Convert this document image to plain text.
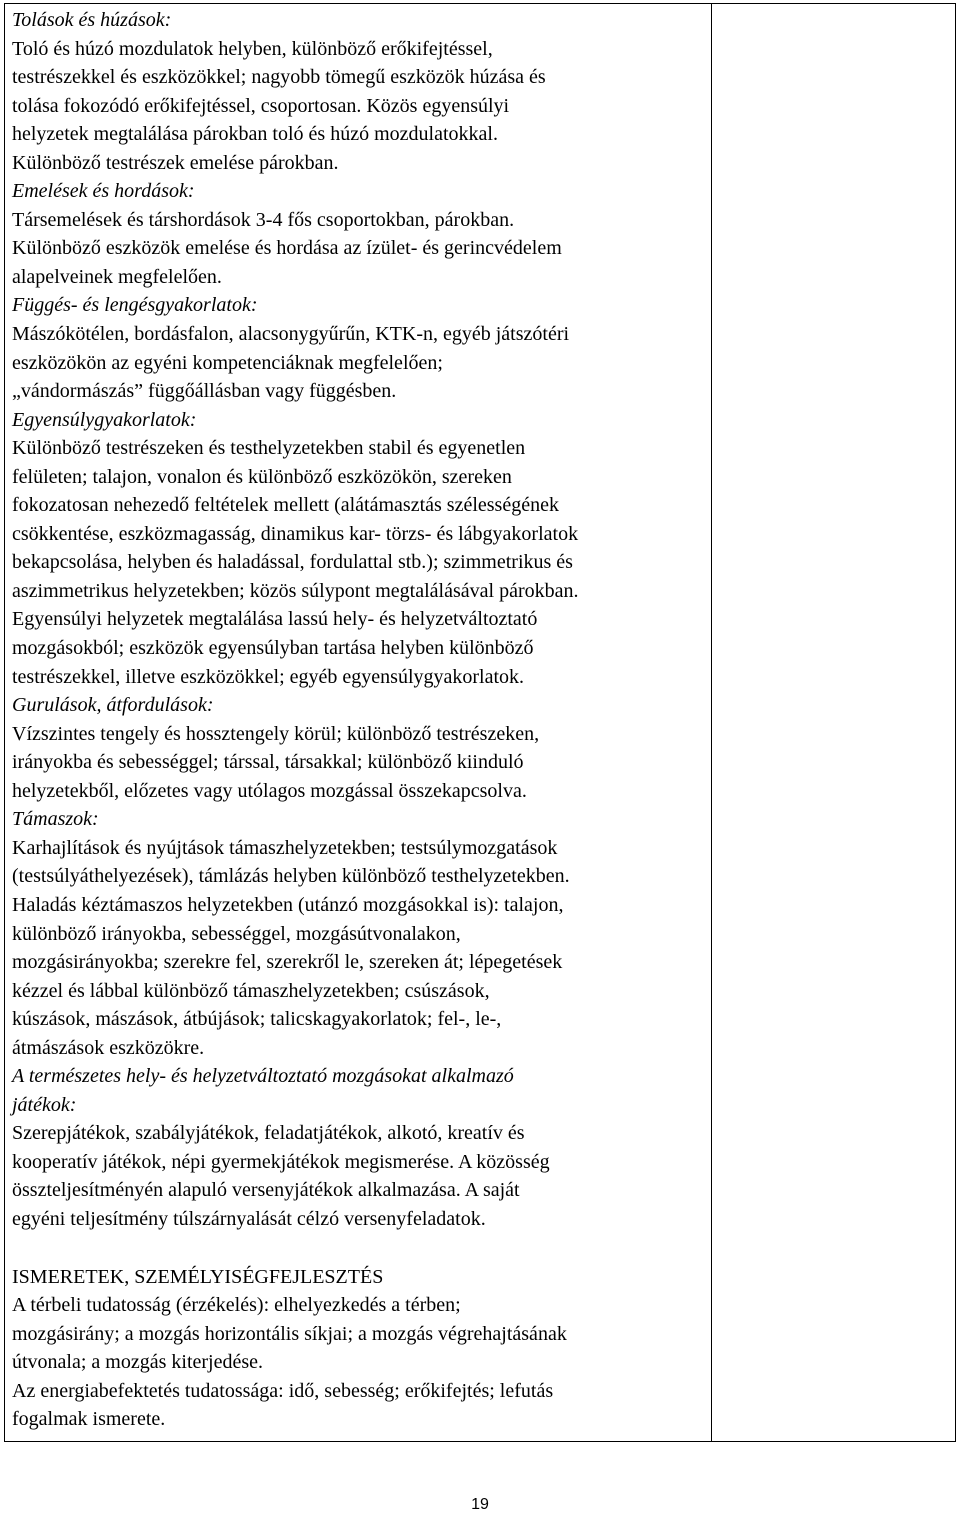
Tolások és húzások:
Toló és húzó mozdulatok helyben, különböző erőkifejtéssel,
testrészekkel és eszközökkel; nagyobb tömegű eszközök húzása és
tolása fokozódó erőkifejtéssel, csoportosan. Közös egyensúlyi
helyzetek megtalálása párokban toló és húzó mozdulatokkal.
Különböző testrészek emelése párokban.
Emelések és hordások:
Társemelések és társhordások 3-4 fős csoportokban, párokban.
Különböző eszközök emelése és hordása az ízület- és gerincvédelem
alapelveinek megfelelően.
Függés- és lengésgyakorlatok:
Mászókötélen, bordásfalon, alacsonygyűrűn, KTK-n, egyéb játszótéri
eszközökön az egyéni kompetenciáknak megfelelően;
„vándormászás” függőállásban vagy függésben.
Egyensúlygyakorlatok:
Különböző testrészeken és testhelyzetekben stabil és egyenetlen
felületen; talajon, vonalon és különböző eszközökön, szereken
fokozatosan nehezedő feltételek mellett (alátámasztás szélességének
csökkentése, eszközmagasság, dinamikus kar- törzs- és lábgyakorlatok
bekapcsolása, helyben és haladással, fordulattal stb.); szimmetrikus és
aszimmetrikus helyzetekben; közös súlypont megtalálásával párokban.
Egyensúlyi helyzetek megtalálása lassú hely- és helyzetváltoztató
mozgásokból; eszközök egyensúlyban tartása helyben különböző
testrészekkel, illetve eszközökkel; egyéb egyensúlygyakorlatok.
Gurulások, átfordulások:
Vízszintes tengely és hossztengely körül; különböző testrészeken,
irányokba és sebességgel; társsal, társakkal; különböző kiinduló
helyzetekből, előzetes vagy utólagos mozgással összekapcsolva.
Támaszok:
Karhajlítások és nyújtások támaszhelyzetekben; testsúlymozgatások
(testsúlyáthelyezések), támlázás helyben különböző testhelyzetekben.
Haladás kéztámaszos helyzetekben (utánzó mozgásokkal is): talajon,
különböző irányokba, sebességgel, mozgásútvonalakon,
mozgásirányokba; szerekre fel, szerekről le, szereken át; lépegetések
kézzel és lábbal különböző támaszhelyzetekben; csúszások,
kúszások, mászások, átbújások; talicskagyakorlatok; fel-, le-,
átmászások eszközökre.
A természetes hely- és helyzetváltoztató mozgásokat alkalmazó
játékok:
Szerepjátékok, szabályjátékok, feladatjátékok, alkotó, kreatív és
kooperatív játékok, népi gyermekjátékok megismerése. A közösség
összteljesítményén alapuló versenyjátékok alkalmazása. A saját
egyéni teljesítmény túlszárnyalását célzó versenyfeladatok.
ISMERETEK, SZEMÉLYISÉGFEJLESZTÉS
A térbeli tudatosság (érzékelés): elhelyezkedés a térben;
mozgásirány; a mozgás horizontális síkjai; a mozgás végrehajtásának
útvonala; a mozgás kiterjedése.
Az energiabefektetés tudatossága: idő, sebesség; erőkifejtés; lefutás
fogalmak ismerete.
19
